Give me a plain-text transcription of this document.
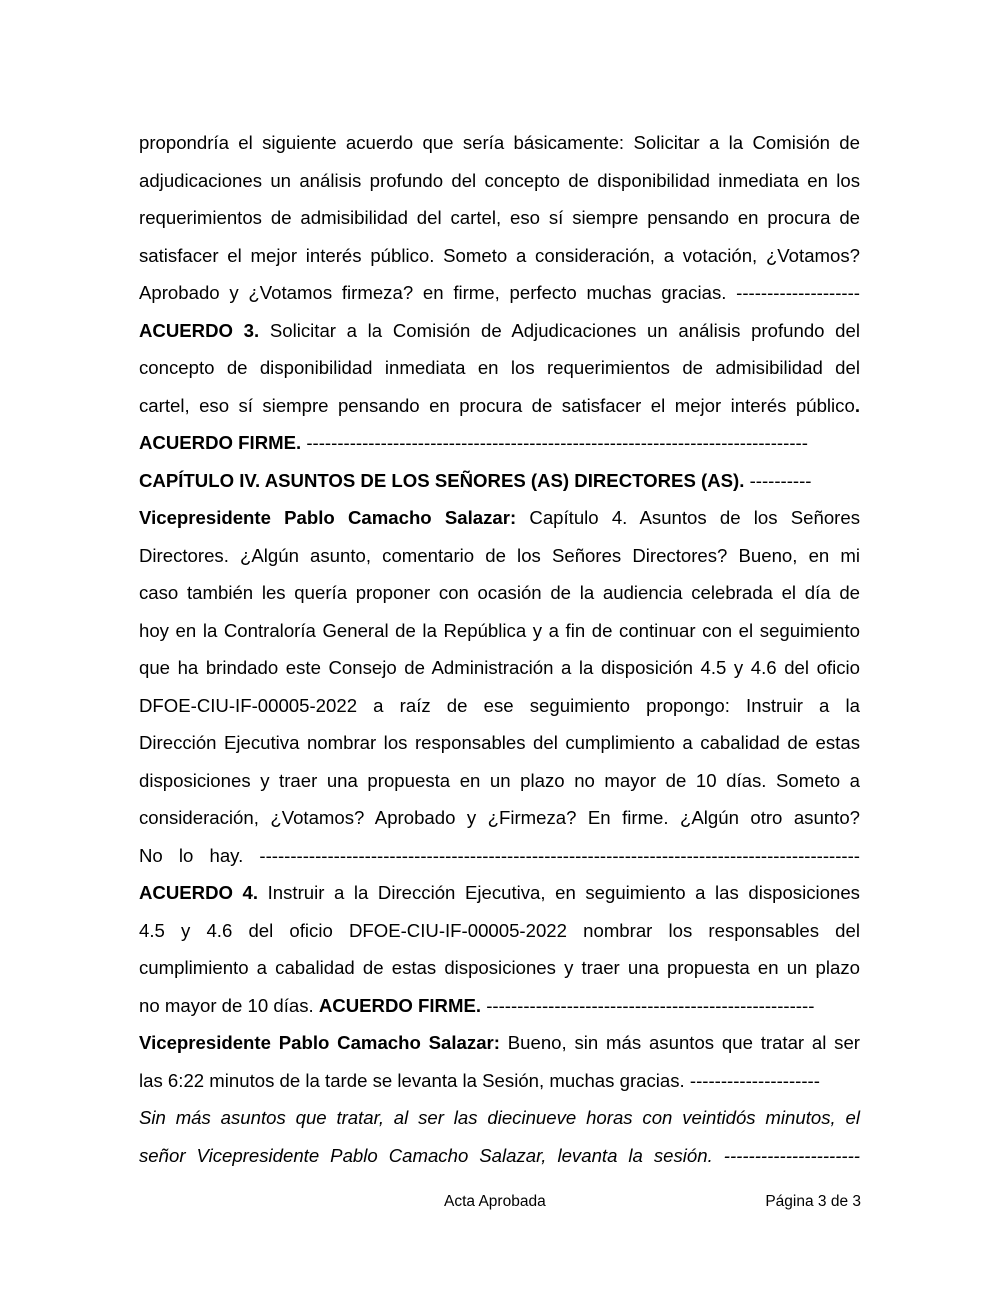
propondría el siguiente acuerdo que sería básicamente: Solicitar a la Comisión de

adjudicaciones un análisis profundo del concepto de disponibilidad inmediata en los

requerimientos de admisibilidad del cartel, eso sí siempre pensando en procura de

satisfacer el mejor interés público. Someto a consideración, a votación, ¿Votamos?

Aprobado y ¿Votamos firmeza? en firme, perfecto muchas gracias. --------------------

ACUERDO 3. Solicitar a la Comisión de Adjudicaciones un análisis profundo del

concepto de disponibilidad inmediata en los requerimientos de admisibilidad del

cartel, eso sí siempre pensando en procura de satisfacer el mejor interés público.

ACUERDO FIRME. ---------------------------------------------------------------------------------

CAPÍTULO IV. ASUNTOS DE LOS SEÑORES (AS) DIRECTORES (AS). ----------

Vicepresidente Pablo Camacho Salazar: Capítulo 4. Asuntos de los Señores

Directores. ¿Algún asunto, comentario de los Señores Directores? Bueno, en mi

caso también les quería proponer con ocasión de la audiencia celebrada el día de

hoy en la Contraloría General de la República y a fin de continuar con el seguimiento

que ha brindado este Consejo de Administración a la disposición 4.5 y 4.6 del oficio

DFOE-CIU-IF-00005-2022 a raíz de ese seguimiento propongo: Instruir a la

Dirección Ejecutiva nombrar los responsables del cumplimiento a cabalidad de estas

disposiciones y traer una propuesta en un plazo no mayor de 10 días. Someto a

consideración, ¿Votamos? Aprobado y ¿Firmeza? En firme. ¿Algún otro asunto?

No lo hay. -------------------------------------------------------------------------------------------------

ACUERDO 4. Instruir a la Dirección Ejecutiva, en seguimiento a las disposiciones

4.5 y 4.6 del oficio DFOE-CIU-IF-00005-2022 nombrar los responsables del

cumplimiento a cabalidad de estas disposiciones y traer una propuesta en un plazo

no mayor de 10 días. ACUERDO FIRME. -----------------------------------------------------

Vicepresidente Pablo Camacho Salazar: Bueno, sin más asuntos que tratar al ser

las 6:22 minutos de la tarde se levanta la Sesión, muchas gracias. ---------------------

Sin más asuntos que tratar, al ser las diecinueve horas con veintidós minutos, el

señor Vicepresidente Pablo Camacho Salazar, levanta la sesión. ----------------------

Acta Aprobada	Página 3 de 3
